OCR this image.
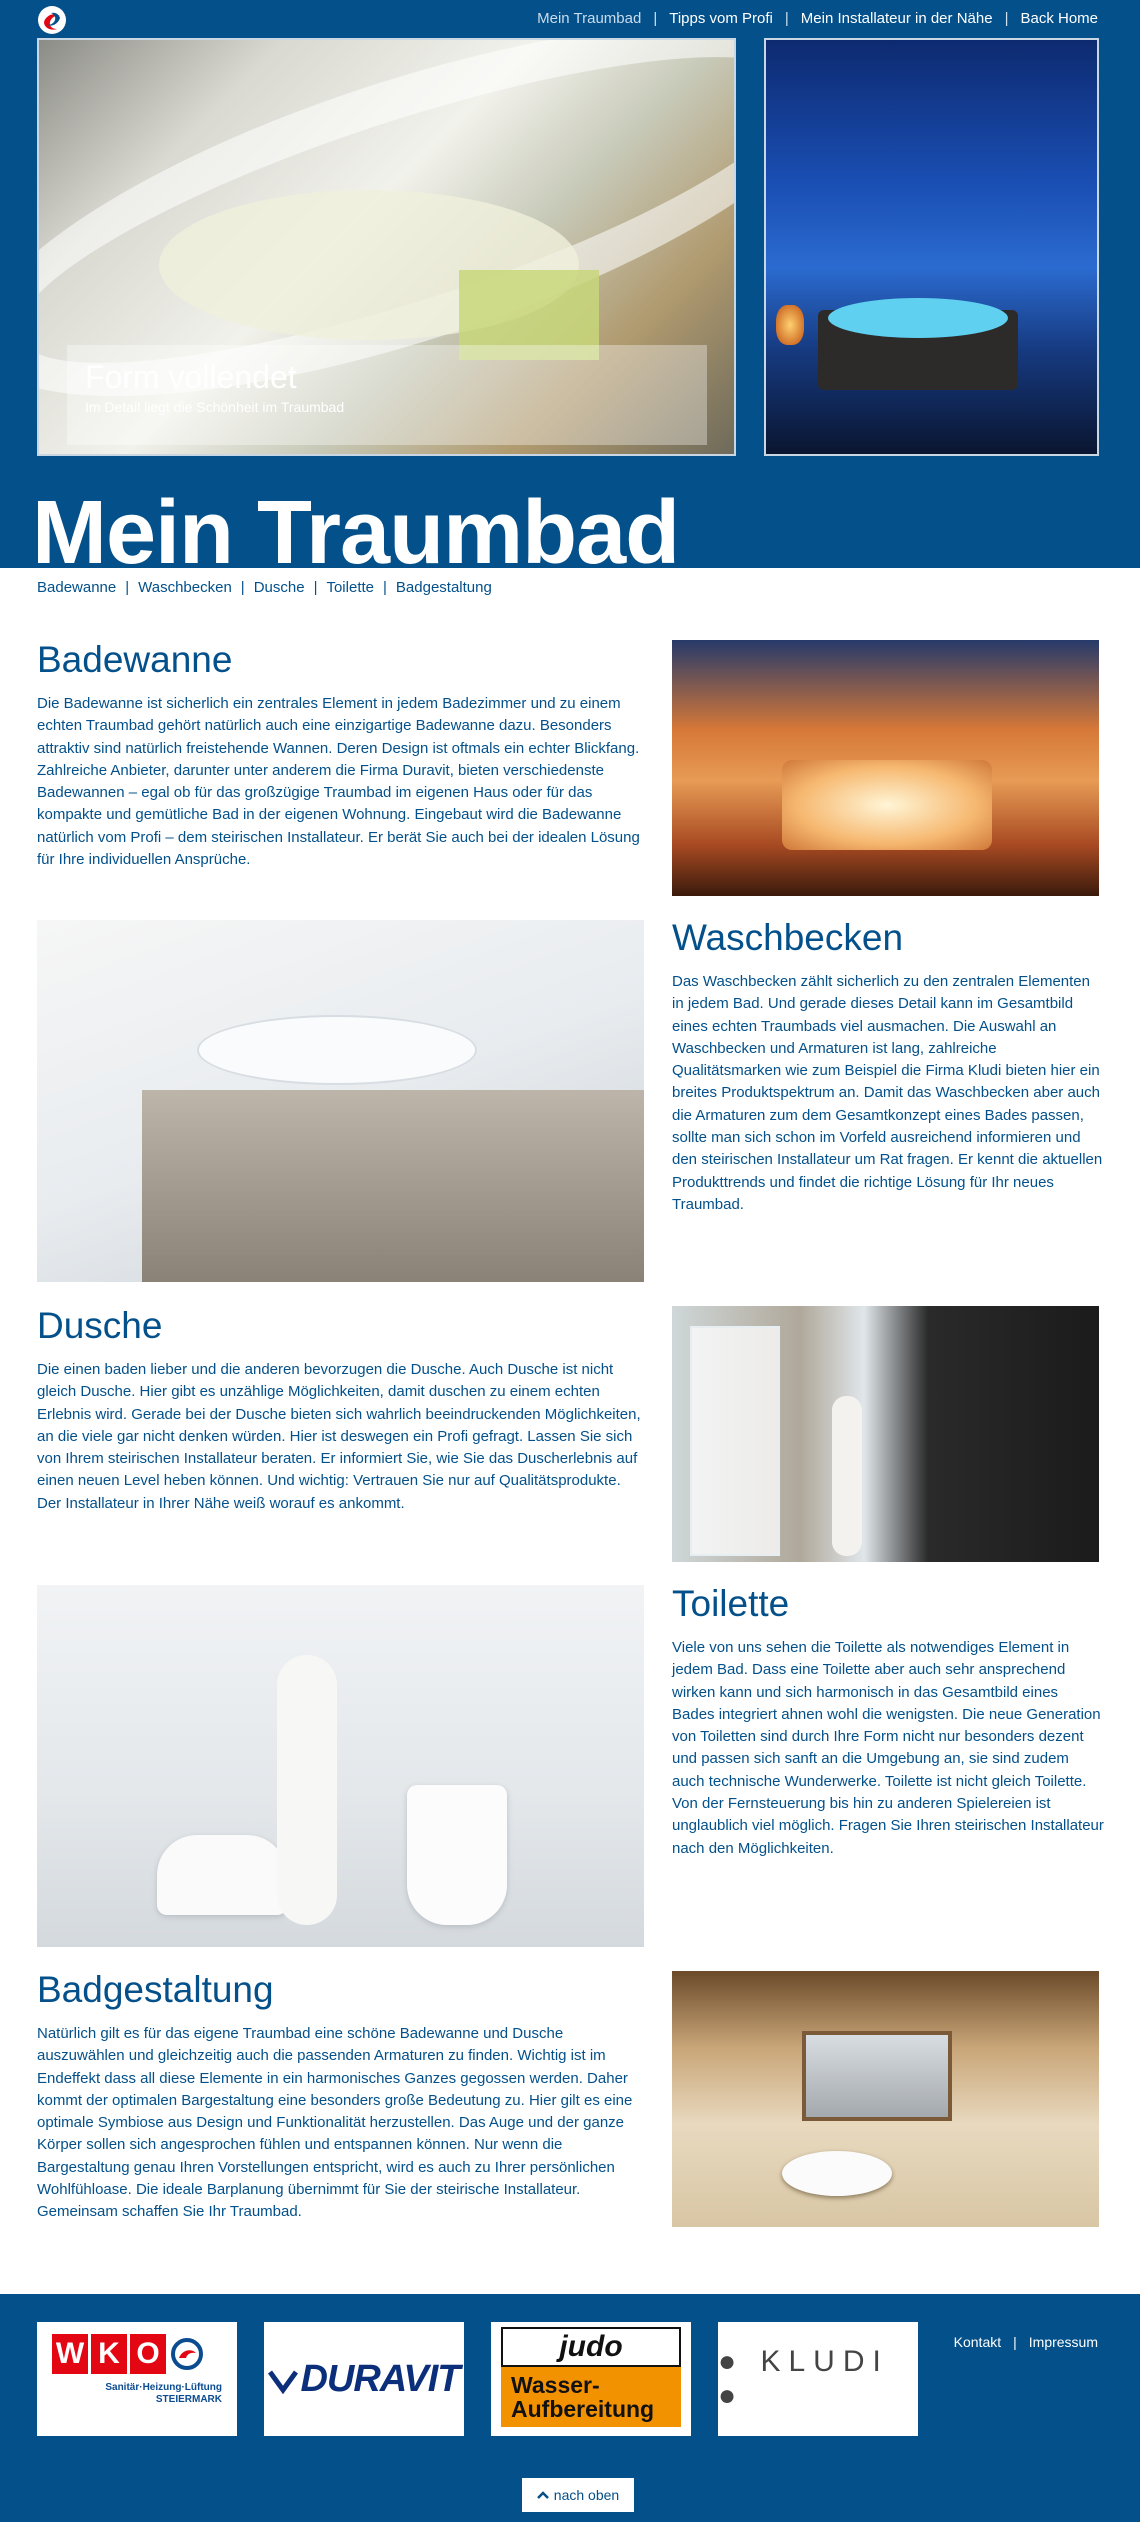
Mein Traumbad | Tipps vom Profi | Mein Installateur in der Nähe | Back Home
Form vollendet
Im Detail liegt die Schönheit im Traumbad
Mein Traumbad
Badewanne | Waschbecken | Dusche | Toilette | Badgestaltung
Badewanne

Die Badewanne ist sicherlich ein zentrales Element in jedem Badezimmer und zu einem echten Traumbad gehört natürlich auch eine einzigartige Badewanne dazu. Besonders attraktiv sind natürlich freistehende Wannen. Deren Design ist oftmals ein echter Blickfang. Zahlreiche Anbieter, darunter unter anderem die Firma Duravit, bieten verschiedenste Badewannen – egal ob für das großzügige Traumbad im eigenen Haus oder für das kompakte und gemütliche Bad in der eigenen Wohnung. Eingebaut wird die Badewanne natürlich vom Profi – dem steirischen Installateur. Er berät Sie auch bei der idealen Lösung für Ihre individuellen Ansprüche.

Waschbecken

Das Waschbecken zählt sicherlich zu den zentralen Elementen in jedem Bad. Und gerade dieses Detail kann im Gesamtbild eines echten Traumbads viel ausmachen. Die Auswahl an Waschbecken und Armaturen ist lang, zahlreiche Qualitätsmarken wie zum Beispiel die Firma Kludi bieten hier ein breites Produktspektrum an. Damit das Waschbecken aber auch die Armaturen zum dem Gesamtkonzept eines Bades passen, sollte man sich schon im Vorfeld ausreichend informieren und den steirischen Installateur um Rat fragen. Er kennt die aktuellen Produkttrends und findet die richtige Lösung für Ihr neues Traumbad.

Dusche

Die einen baden lieber und die anderen bevorzugen die Dusche. Auch Dusche ist nicht gleich Dusche. Hier gibt es unzählige Möglichkeiten, damit duschen zu einem echten Erlebnis wird. Gerade bei der Dusche bieten sich wahrlich beeindruckenden Möglichkeiten, an die viele gar nicht denken würden. Hier ist deswegen ein Profi gefragt. Lassen Sie sich von Ihrem steirischen Installateur beraten. Er informiert Sie, wie Sie das Duscherlebnis auf einen neuen Level heben können. Und wichtig: Vertrauen Sie nur auf Qualitätsprodukte. Der Installateur in Ihrer Nähe weiß worauf es ankommt.

Toilette

Viele von uns sehen die Toilette als notwendiges Element in jedem Bad. Dass eine Toilette aber auch sehr ansprechend wirken kann und sich harmonisch in das Gesamtbild eines Bades integriert ahnen wohl die wenigsten. Die neue Generation von Toiletten sind durch Ihre Form nicht nur besonders dezent und passen sich sanft an die Umgebung an, sie sind zudem auch technische Wunderwerke. Toilette ist nicht gleich Toilette. Von der Fernsteuerung bis hin zu anderen Spielereien ist unglaublich viel möglich. Fragen Sie Ihren steirischen Installateur nach den Möglichkeiten.

Badgestaltung

Natürlich gilt es für das eigene Traumbad eine schöne Badewanne und Dusche auszuwählen und gleichzeitig auch die passenden Armaturen zu finden. Wichtig ist im Endeffekt dass all diese Elemente in ein harmonisches Ganzes gegossen werden. Daher kommt der optimalen Bargestaltung eine besonders große Bedeutung zu. Hier gilt es eine optimale Symbiose aus Design und Funktionalität herzustellen. Das Auge und der ganze Körper sollen sich angesprochen fühlen und entspannen können. Nur wenn die Bargestaltung genau Ihren Vorstellungen entspricht, wird es auch zu Ihrer persönlichen Wohlfühloase. Die ideale Barplanung übernimmt für Sie der steirische Installateur. Gemeinsam schaffen Sie Ihr Traumbad.

W K O
Sanitär·Heizung·Lüftung
STEIERMARK DURAVIT
judo
Wasser-
Aufbereitung
● KLUDI ●
Kontakt | Impressum
nach oben
